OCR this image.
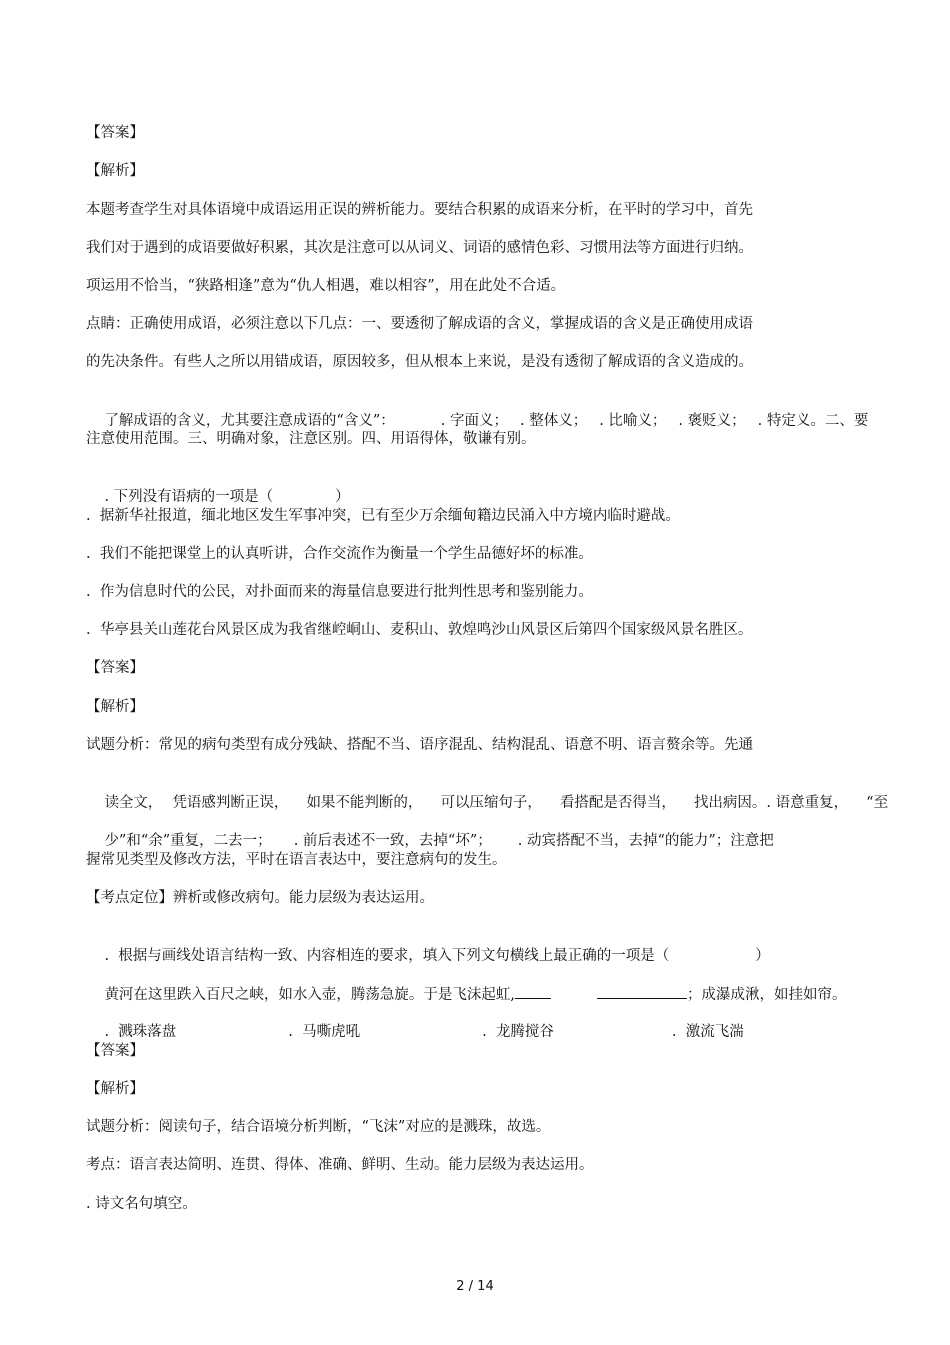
【答案】
【解析】
本题考查学生对具体语境中成语运用正误的辨析能力。要结合积累的成语来分析，在平时的学习中，首先
我们对于遇到的成语要做好积累，其次是注意可以从词义、词语的感情色彩、习惯用法等方面进行归纳。
项运用不恰当，“狭路相逢”意为“仇人相遇，难以相容”，用在此处不合适。
点睛：正确使用成语，必须注意以下几点：一、要透彻了解成语的含义，掌握成语的含义是正确使用成语
的先决条件。有些人之所以用错成语，原因较多，但从根本上来说，是没有透彻了解成语的含义造成的。

了解成语的含义，尤其要注意成语的“含义”：	. 字面义； . 整体义； . 比喻义； . 褒贬义； . 特定义。二、要

注意使用范围。三、明确对象，注意区别。四、用语得体，敬谦有别。

. 下列没有语病的一项是（	）

.  据新华社报道，缅北地区发生军事冲突，已有至少万余缅甸籍边民涌入中方境内临时避战。
.  我们不能把课堂上的认真听讲，合作交流作为衡量一个学生品德好坏的标准。
.  作为信息时代的公民，对扑面而来的海量信息要进行批判性思考和鉴别能力。
.  华亭县关山莲花台风景区成为我省继崆峒山、麦积山、敦煌鸣沙山风景区后第四个国家级风景名胜区。
【答案】
【解析】
试题分析：常见的病句类型有成分残缺、搭配不当、语序混乱、结构混乱、语意不明、语言赘余等。先通

读全文， 凭语感判断正误， 如果不能判断的， 可以压缩句子， 看搭配是否得当， 找出病因。. 语意重复， “至

少”和“余”重复，二去一； . 前后表述不一致，去掉“坏”； . 动宾搭配不当，去掉“的能力”；注意把

握常见类型及修改方法，平时在语言表达中，要注意病句的发生。
【考点定位】辨析或修改病句。能力层级为表达运用。

.  根据与画线处语言结构一致、内容相连的要求，填入下列文句横线上最正确的一项是（	）

黄河在这里跌入百尺之峡，如水入壶，腾荡急旋。于是飞沫起虹,	；成瀑成湫，如挂如帘。

.  溅珠落盘	.  马嘶虎吼	.  龙腾搅谷	.  激流飞湍

【答案】
【解析】
试题分析：阅读句子，结合语境分析判断，“飞沫”对应的是溅珠，故选。
考点：语言表达简明、连贯、得体、准确、鲜明、生动。能力层级为表达运用。
. 诗文名句填空。
2 / 14
